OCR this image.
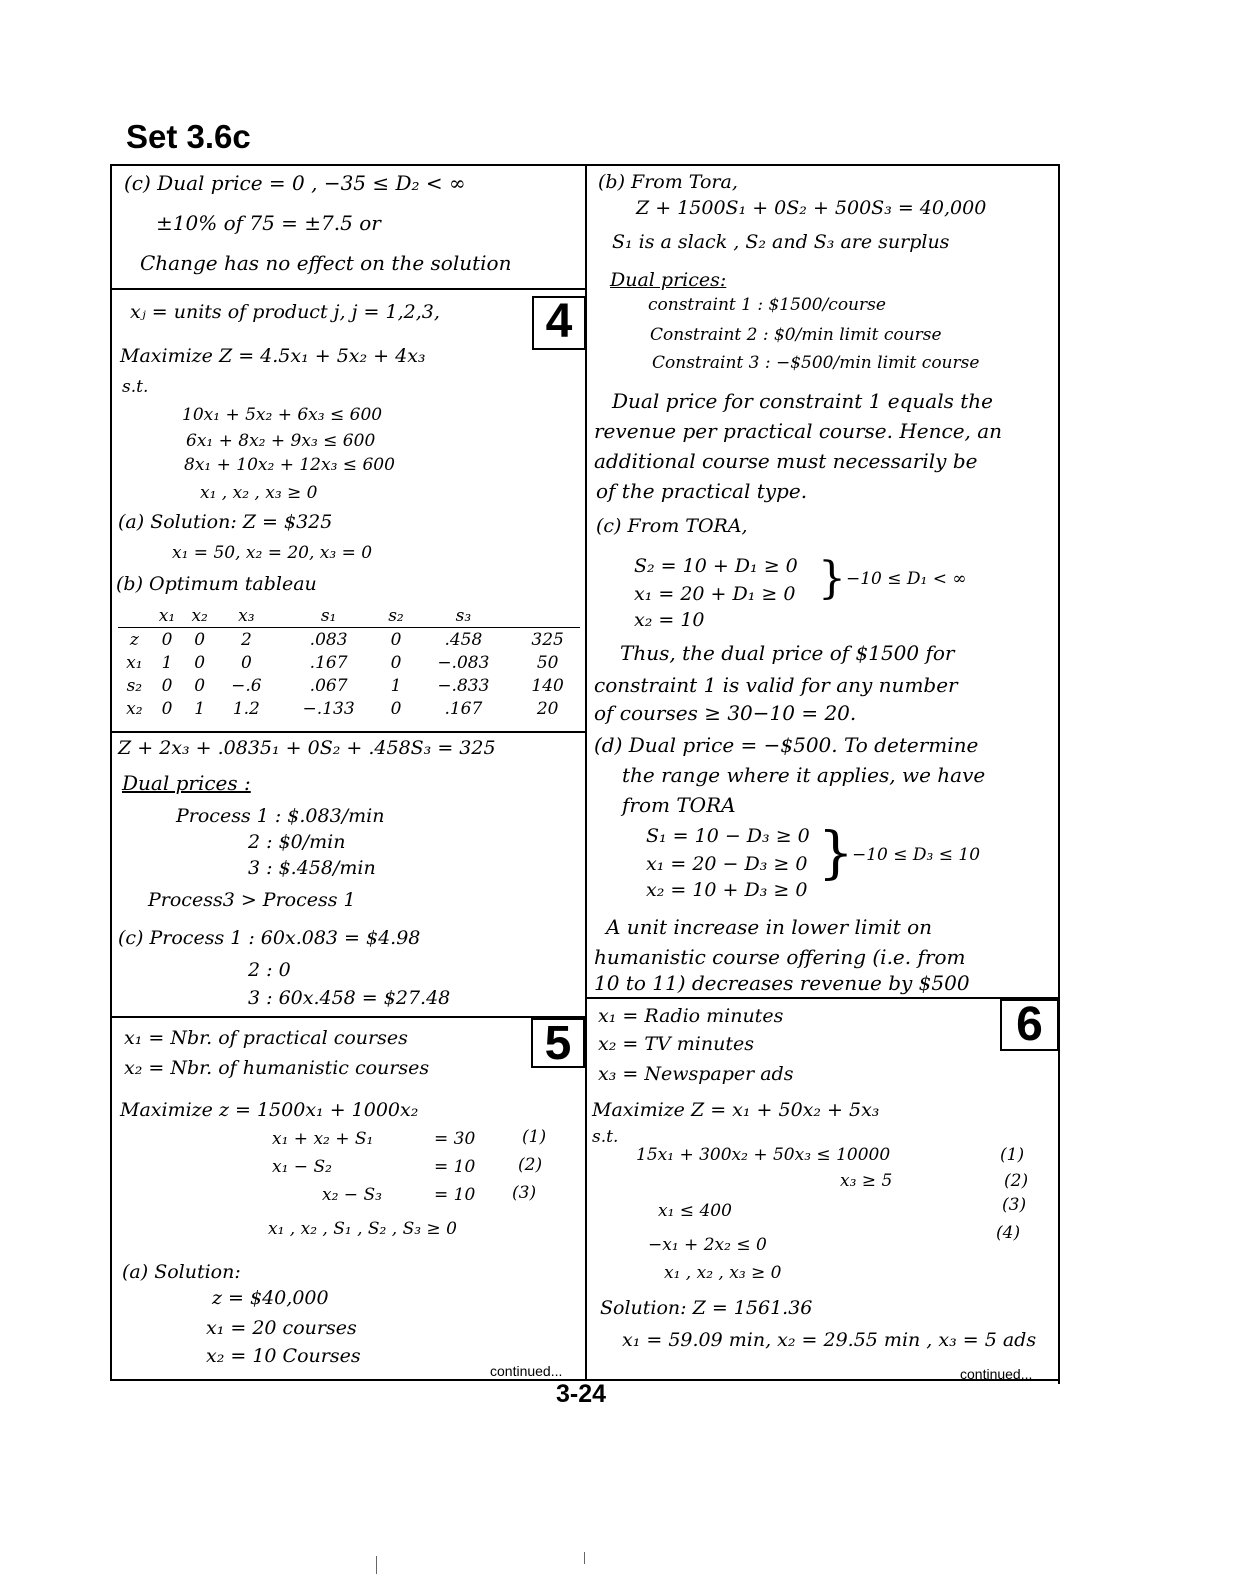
Set 3.6c
4
5	6
(c) Dual price = 0 , −35 ≤ D₂ < ∞
±10% of 75 = ±7.5 or
Change has no effect on the solution
xⱼ = units of product j, j = 1,2,3,
Maximize Z = 4.5x₁ + 5x₂ + 4x₃
s.t.
10x₁ + 5x₂ + 6x₃ ≤ 600
6x₁ + 8x₂ + 9x₃ ≤ 600
8x₁ + 10x₂ + 12x₃ ≤ 600
x₁ , x₂ , x₃ ≥ 0
(a) Solution: Z = $325
x₁ = 50, x₂ = 20, x₃ = 0
(b) Optimum tableau
	x₁	x₂	x₃	s₁	s₂	s₃	
z	0	0	2	.083	0	.458	325
x₁	1	0	0	.167	0	−.083	50
s₂	0	0	−.6	.067	1	−.833	140
x₂	0	1	1.2	−.133	0	.167	20
Z + 2x₃ + .0835₁ + 0S₂ + .458S₃ = 325
Dual prices :
Process 1 : $.083/min
2 : $0/min
3 : $.458/min
Process3 > Process 1
(c) Process 1 : 60x.083 = $4.98
2 : 0
3 : 60x.458 = $27.48
x₁ = Nbr. of practical courses
x₂ = Nbr. of humanistic courses
Maximize z = 1500x₁ + 1000x₂
x₁ + x₂ + S₁	= 30	(1)
x₁ − S₂	= 10	(2)
x₂ − S₃	= 10 (3)
x₁ , x₂ , S₁ , S₂ , S₃ ≥ 0
(a) Solution:
z = $40,000
x₁ = 20 courses
x₂ = 10 Courses
continued...
(b) From Tora,
Z + 1500S₁ + 0S₂ + 500S₃ = 40,000
S₁ is a slack , S₂ and S₃ are surplus
Dual prices:
constraint 1 : $1500/course
Constraint 2 : $0/min limit course
Constraint 3 : −$500/min limit course
Dual price for constraint 1 equals the
revenue per practical course. Hence, an
additional course must necessarily be
of the practical type.
(c) From TORA,
S₂ = 10 + D₁ ≥ 0
x₁ = 20 + D₁ ≥ 0
x₂ = 10
} −10 ≤ D₁ < ∞
Thus, the dual price of $1500 for
constraint 1 is valid for any number
of courses ≥ 30−10 = 20.
(d) Dual price = −$500. To determine
the range where it applies, we have
from TORA
S₁ = 10 − D₃ ≥ 0
x₁ = 20 − D₃ ≥ 0
x₂ = 10 + D₃ ≥ 0
}
−10 ≤ D₃ ≤ 10
A unit increase in lower limit on
humanistic course offering (i.e. from
10 to 11) decreases revenue by $500
x₁ = Radio minutes
x₂ = TV minutes
x₃ = Newspaper ads
Maximize Z = x₁ + 50x₂ + 5x₃
s.t.
15x₁ + 300x₂ + 50x₃ ≤ 10000	(1)
x₃ ≥ 5	(2)
x₁ ≤ 400	(3)
−x₁ + 2x₂ ≤ 0
(4)
x₁ , x₂ , x₃ ≥ 0
Solution: Z = 1561.36
x₁ = 59.09 min, x₂ = 29.55 min , x₃ = 5 ads
continued...
3-24
